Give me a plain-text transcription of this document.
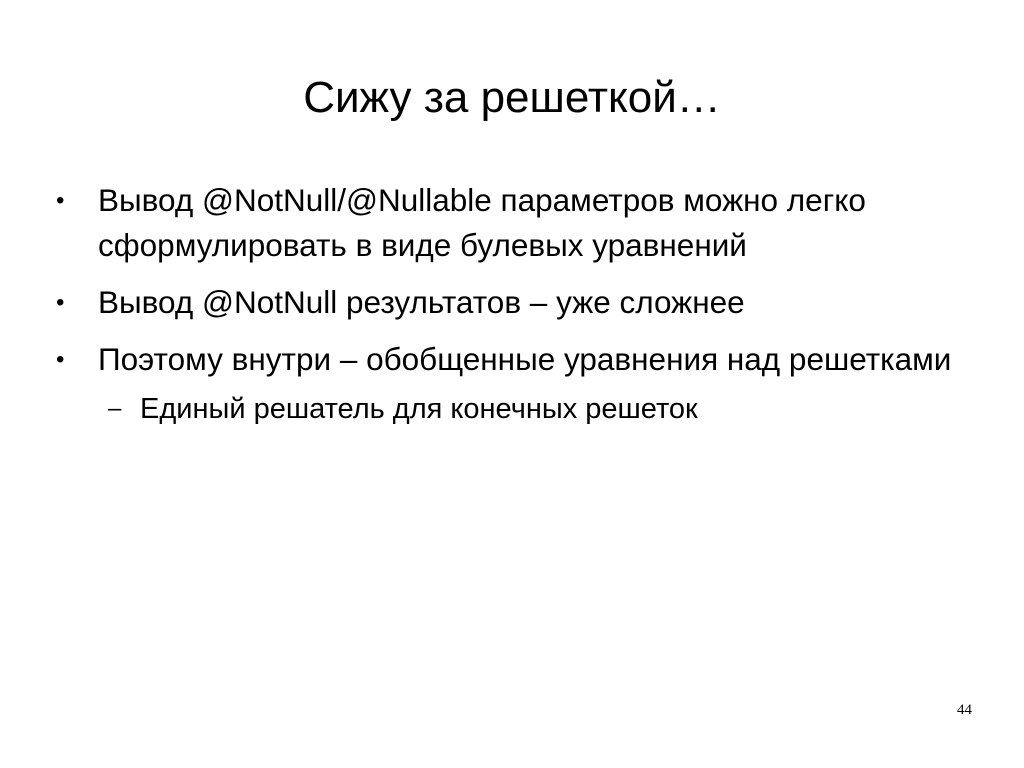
Сижу за решеткой…
•	Вывод @NotNull/@Nullable параметров можно легко сформулировать в виде булевых уравнений
•	Вывод @NotNull результатов – уже сложнее
•	Поэтому внутри – обобщенные уравнения над решетками
– Единый решатель для конечных решеток
44
